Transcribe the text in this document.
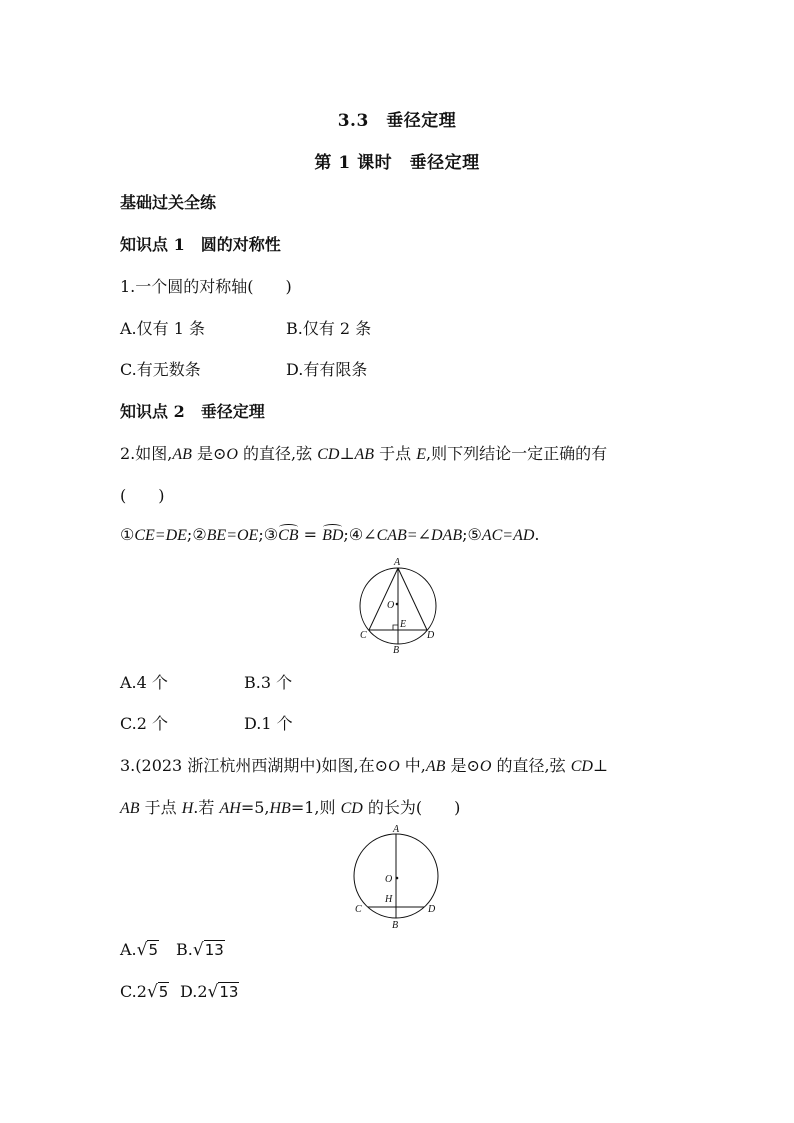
3.3　垂径定理
第 1 课时　垂径定理
基础过关全练
知识点 1　圆的对称性
1.一个圆的对称轴(　　)
A.仅有 1 条	B.仅有 2 条
C.有无数条	D.有有限条
知识点 2　垂径定理
2.如图,AB 是⊙O 的直径,弦 CD⊥AB 于点 E,则下列结论一定正确的有
(　　)
①CE=DE;②BE=OE;③CB = BD;④∠CAB=∠DAB;⑤AC=AD.
A
O
E
C	D
B
A.4 个	B.3 个
C.2 个	D.1 个
3.(2023 浙江杭州西湖期中)如图,在⊙O 中,AB 是⊙O 的直径,弦 CD⊥
AB 于点 H.若 AH=5,HB=1,则 CD 的长为(　　)
A
O
H
C	D
B
A.√5 B.√13
C.2√5 D.2√13
